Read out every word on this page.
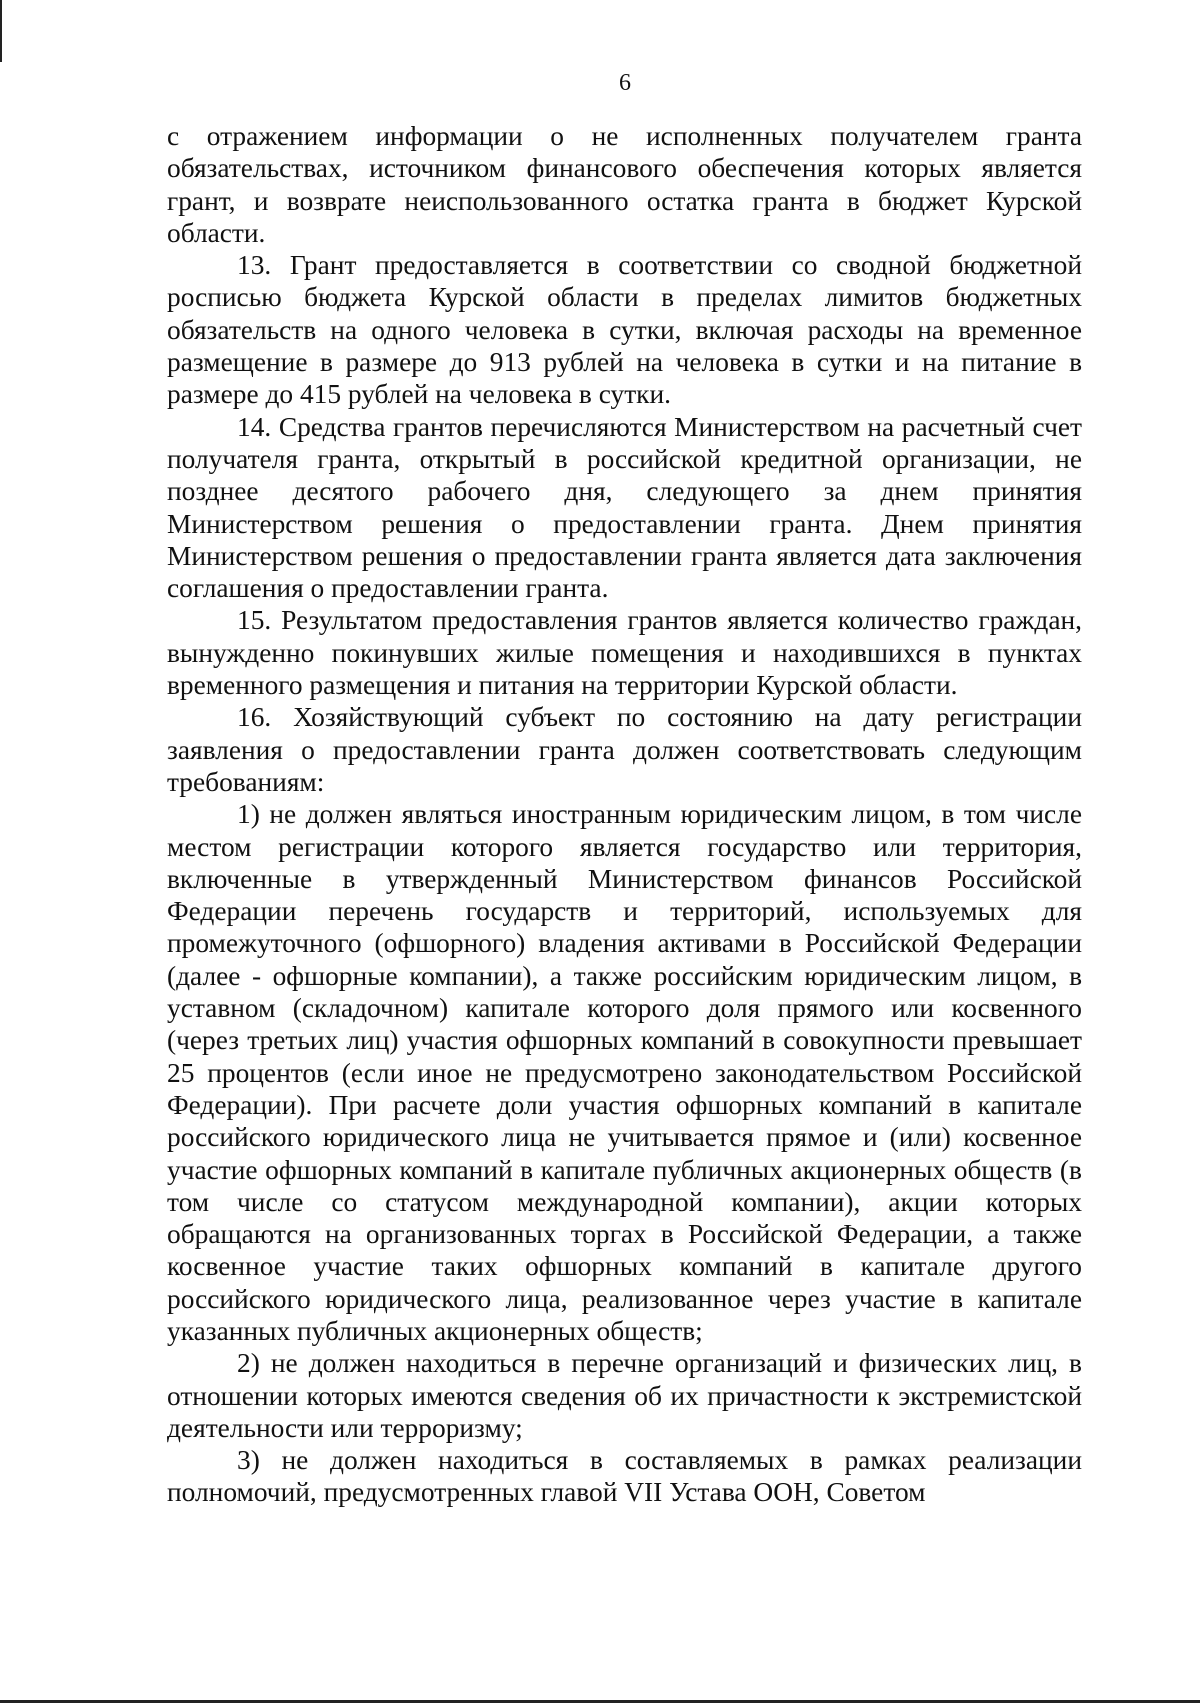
6

с отражением информации о не исполненных получателем гранта обязательствах, источником финансового обеспечения которых является грант, и возврате неиспользованного остатка гранта в бюджет Курской области.

13. Грант предоставляется в соответствии со сводной бюджетной росписью бюджета Курской области в пределах лимитов бюджетных обязательств на одного человека в сутки, включая расходы на временное размещение в размере до 913 рублей на человека в сутки и на питание в размере до 415 рублей на человека в сутки.

14. Средства грантов перечисляются Министерством на расчетный счет получателя гранта, открытый в российской кредитной организации, не позднее десятого рабочего дня, следующего за днем принятия Министерством решения о предоставлении гранта. Днем принятия Министерством решения о предоставлении гранта является дата заключения соглашения о предоставлении гранта.

15. Результатом предоставления грантов является количество граждан, вынужденно покинувших жилые помещения и находившихся в пунктах временного размещения и питания на территории Курской области.

16. Хозяйствующий субъект по состоянию на дату регистрации заявления о предоставлении гранта должен соответствовать следующим требованиям:

1) не должен являться иностранным юридическим лицом, в том числе местом регистрации которого является государство или территория, включенные в утвержденный Министерством финансов Российской Федерации перечень государств и территорий, используемых для промежуточного (офшорного) владения активами в Российской Федерации (далее - офшорные компании), а также российским юридическим лицом, в уставном (складочном) капитале которого доля прямого или косвенного (через третьих лиц) участия офшорных компаний в совокупности превышает 25 процентов (если иное не предусмотрено законодательством Российской Федерации). При расчете доли участия офшорных компаний в капитале российского юридического лица не учитывается прямое и (или) косвенное участие офшорных компаний в капитале публичных акционерных обществ (в том числе со статусом международной компании), акции которых обращаются на организованных торгах в Российской Федерации, а также косвенное участие таких офшорных компаний в капитале другого российского юридического лица, реализованное через участие в капитале указанных публичных акционерных обществ;

2) не должен находиться в перечне организаций и физических лиц, в отношении которых имеются сведения об их причастности к экстремистской деятельности или терроризму;

3) не должен находиться в составляемых в рамках реализации полномочий, предусмотренных главой VII Устава ООН, Советом
